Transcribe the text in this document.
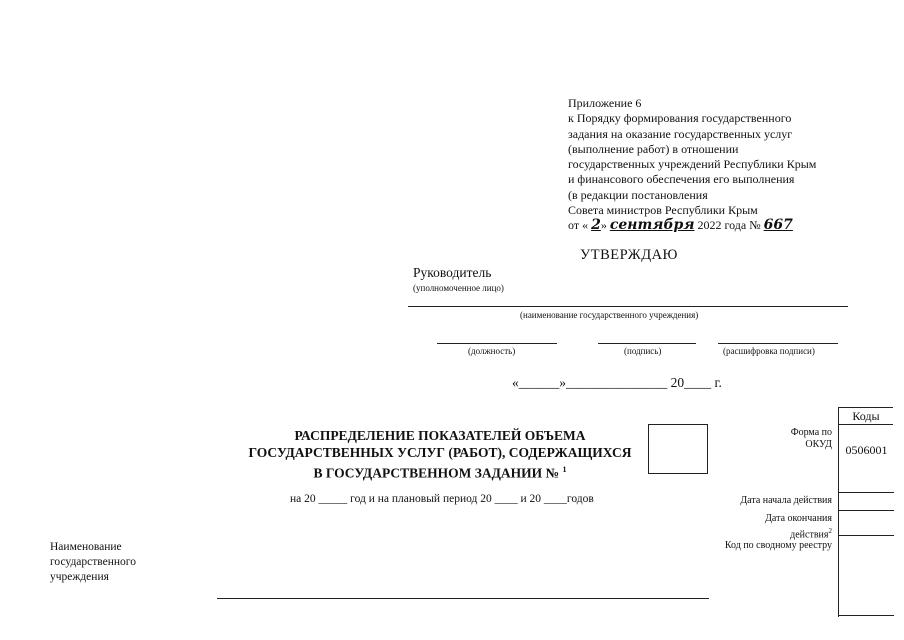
Приложение 6
к Порядку формирования государственного
задания на оказание государственных услуг
(выполнение работ) в отношении
государственных учреждений Республики Крым
и финансового обеспечения его выполнения
(в редакции постановления
Совета министров Республики Крым
от « 2» сентября 2022 года № 667
УТВЕРЖДАЮ
Руководитель
(уполномоченное лицо)
(наименование государственного учреждения)
(должность)	(подпись)	(расшифровка подписи)
«______»_______________ 20____ г.
РАСПРЕДЕЛЕНИЕ ПОКАЗАТЕЛЕЙ ОБЪЕМА
ГОСУДАРСТВЕННЫХ УСЛУГ (РАБОТ), СОДЕРЖАЩИХСЯ
В ГОСУДАРСТВЕННОМ ЗАДАНИИ № $^1$
на 20 _____ год и на плановый период 20 ____ и 20 ____годов
Наименование государственного учреждения
Форма по
ОКУД
Дата начала действия
Дата окончания
действия$^2$
Код по сводному реестру
Коды
0506001
